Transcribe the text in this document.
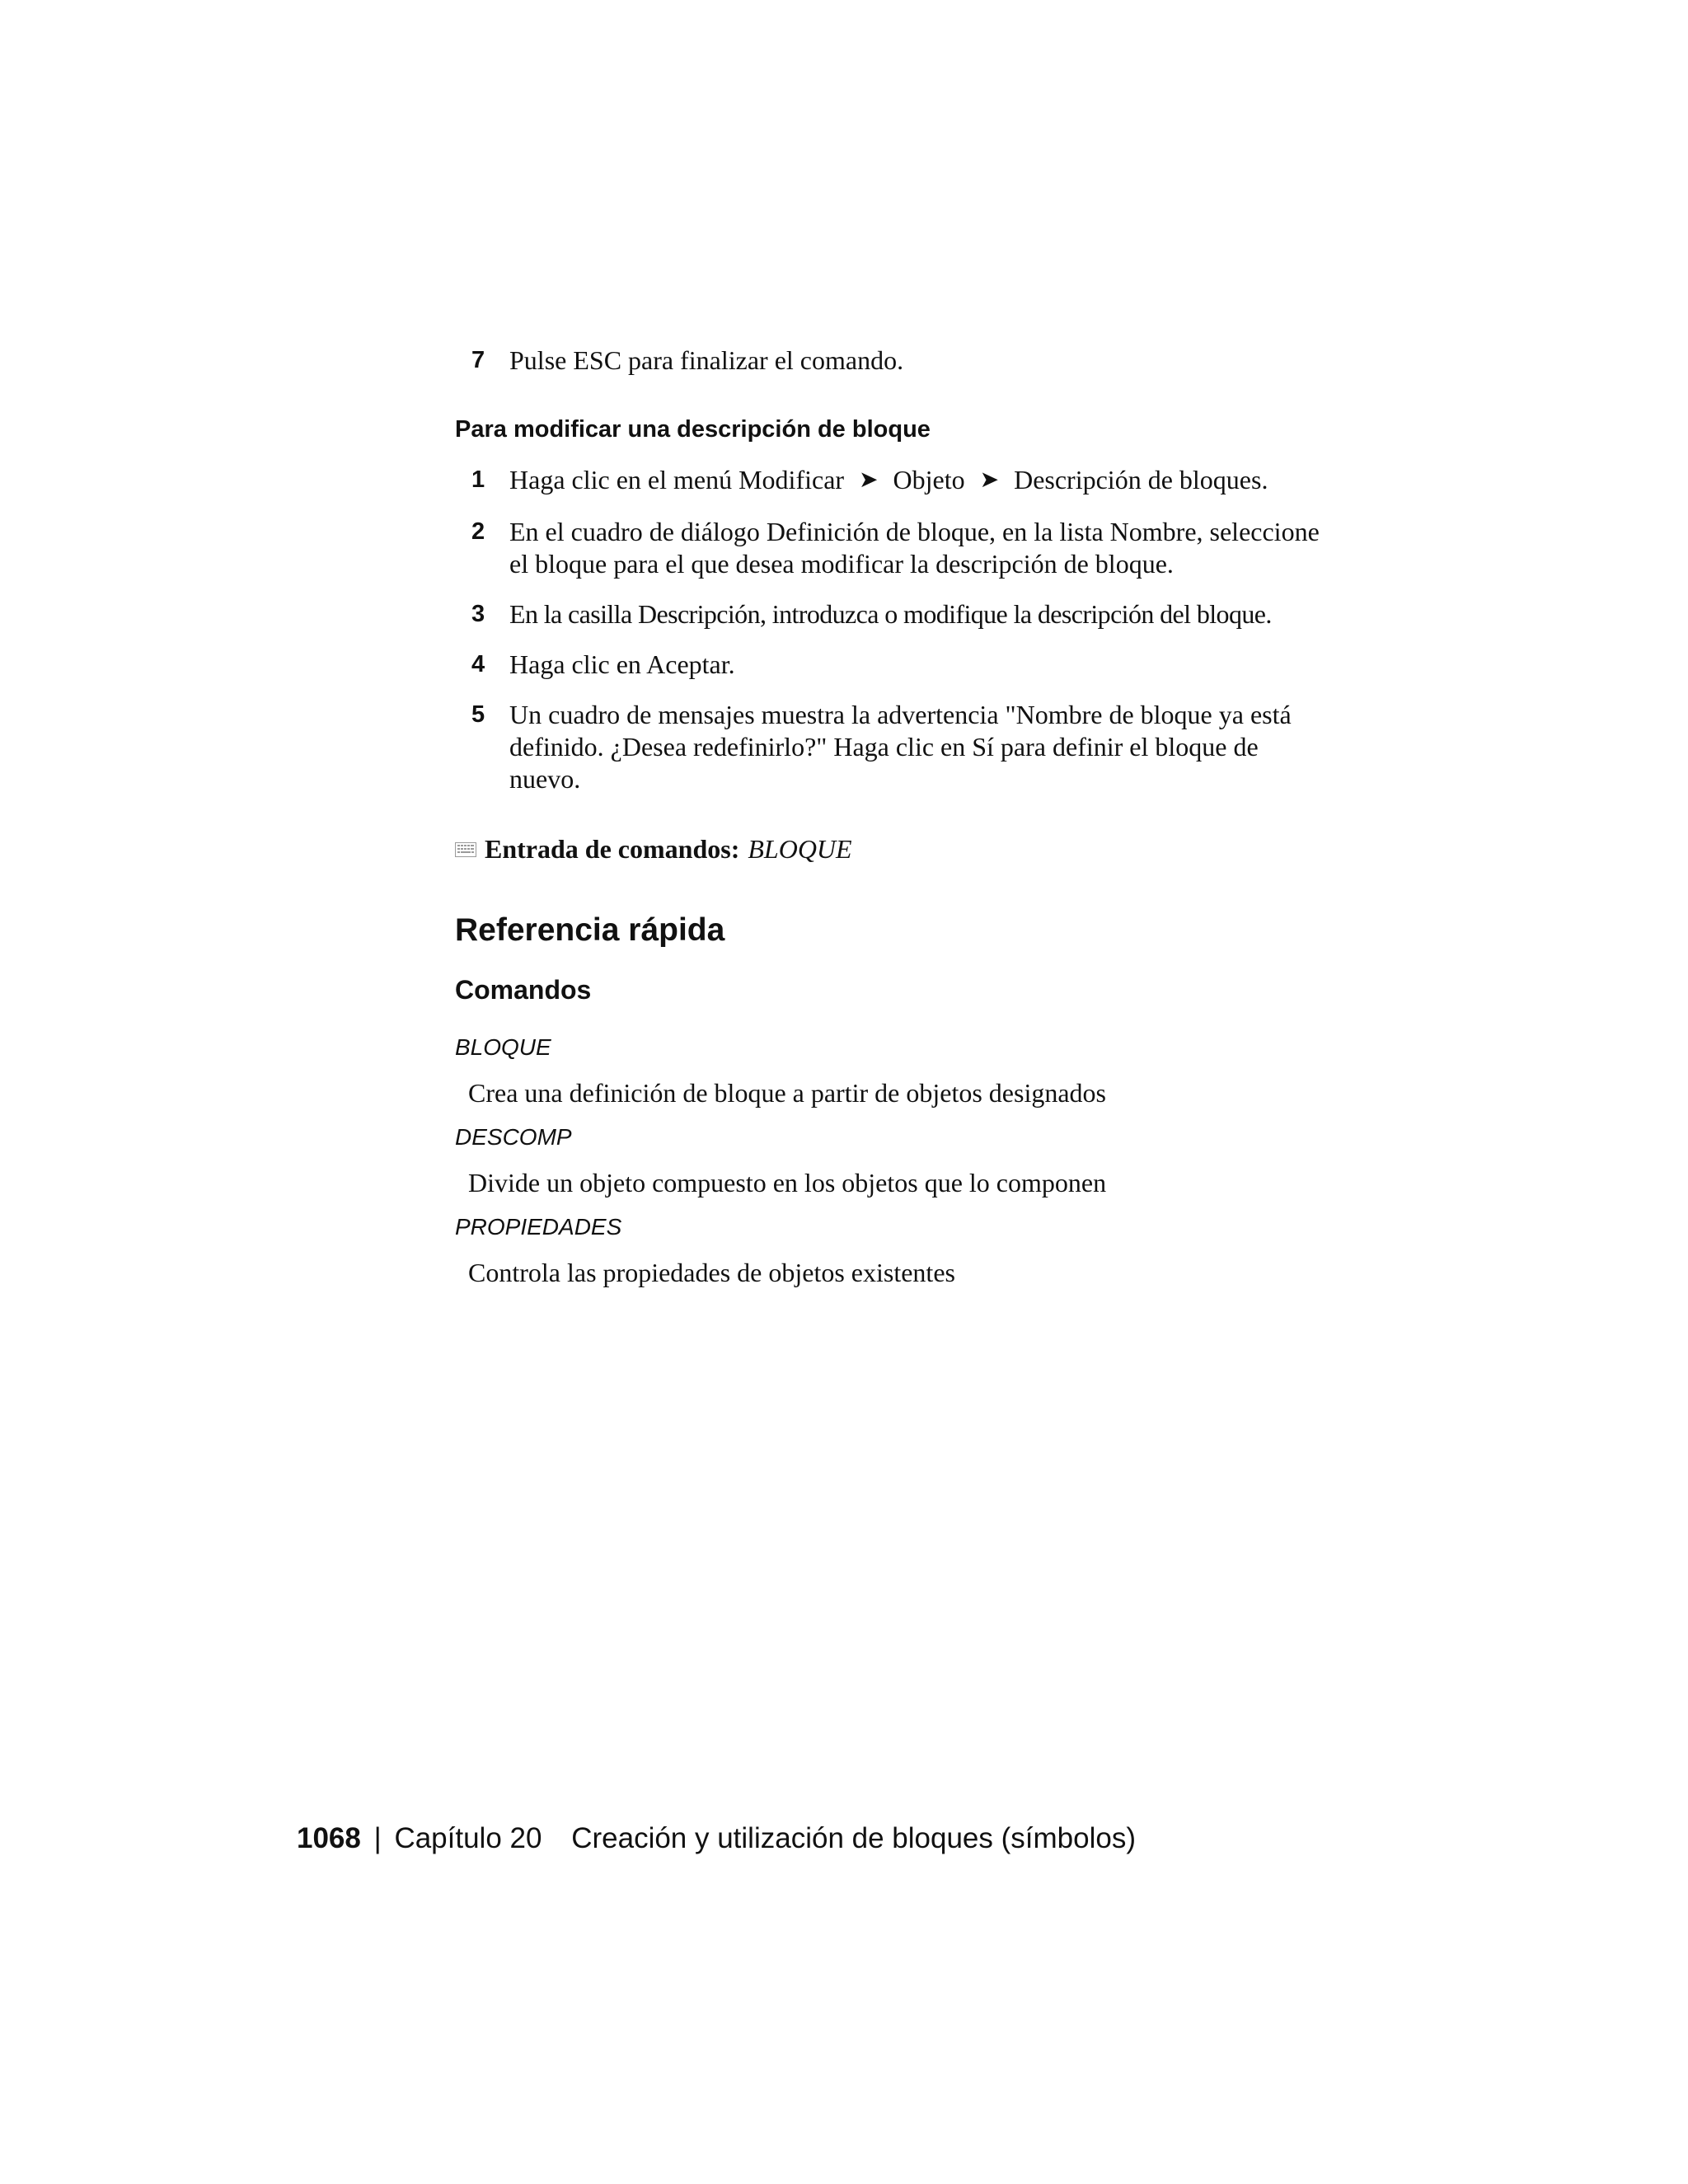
7 Pulse ESC para finalizar el comando.
Para modificar una descripción de bloque
1 Haga clic en el menú Modificar ➤ Objeto ➤ Descripción de bloques.
2 En el cuadro de diálogo Definición de bloque, en la lista Nombre, seleccione el bloque para el que desea modificar la descripción de bloque.
3 En la casilla Descripción, introduzca o modifique la descripción del bloque.
4 Haga clic en Aceptar.
5 Un cuadro de mensajes muestra la advertencia "Nombre de bloque ya está definido. ¿Desea redefinirlo?" Haga clic en Sí para definir el bloque de nuevo.
Entrada de comandos: BLOQUE
Referencia rápida
Comandos
BLOQUE
Crea una definición de bloque a partir de objetos designados
DESCOMP
Divide un objeto compuesto en los objetos que lo componen
PROPIEDADES
Controla las propiedades de objetos existentes
1068 | Capítulo 20 Creación y utilización de bloques (símbolos)
